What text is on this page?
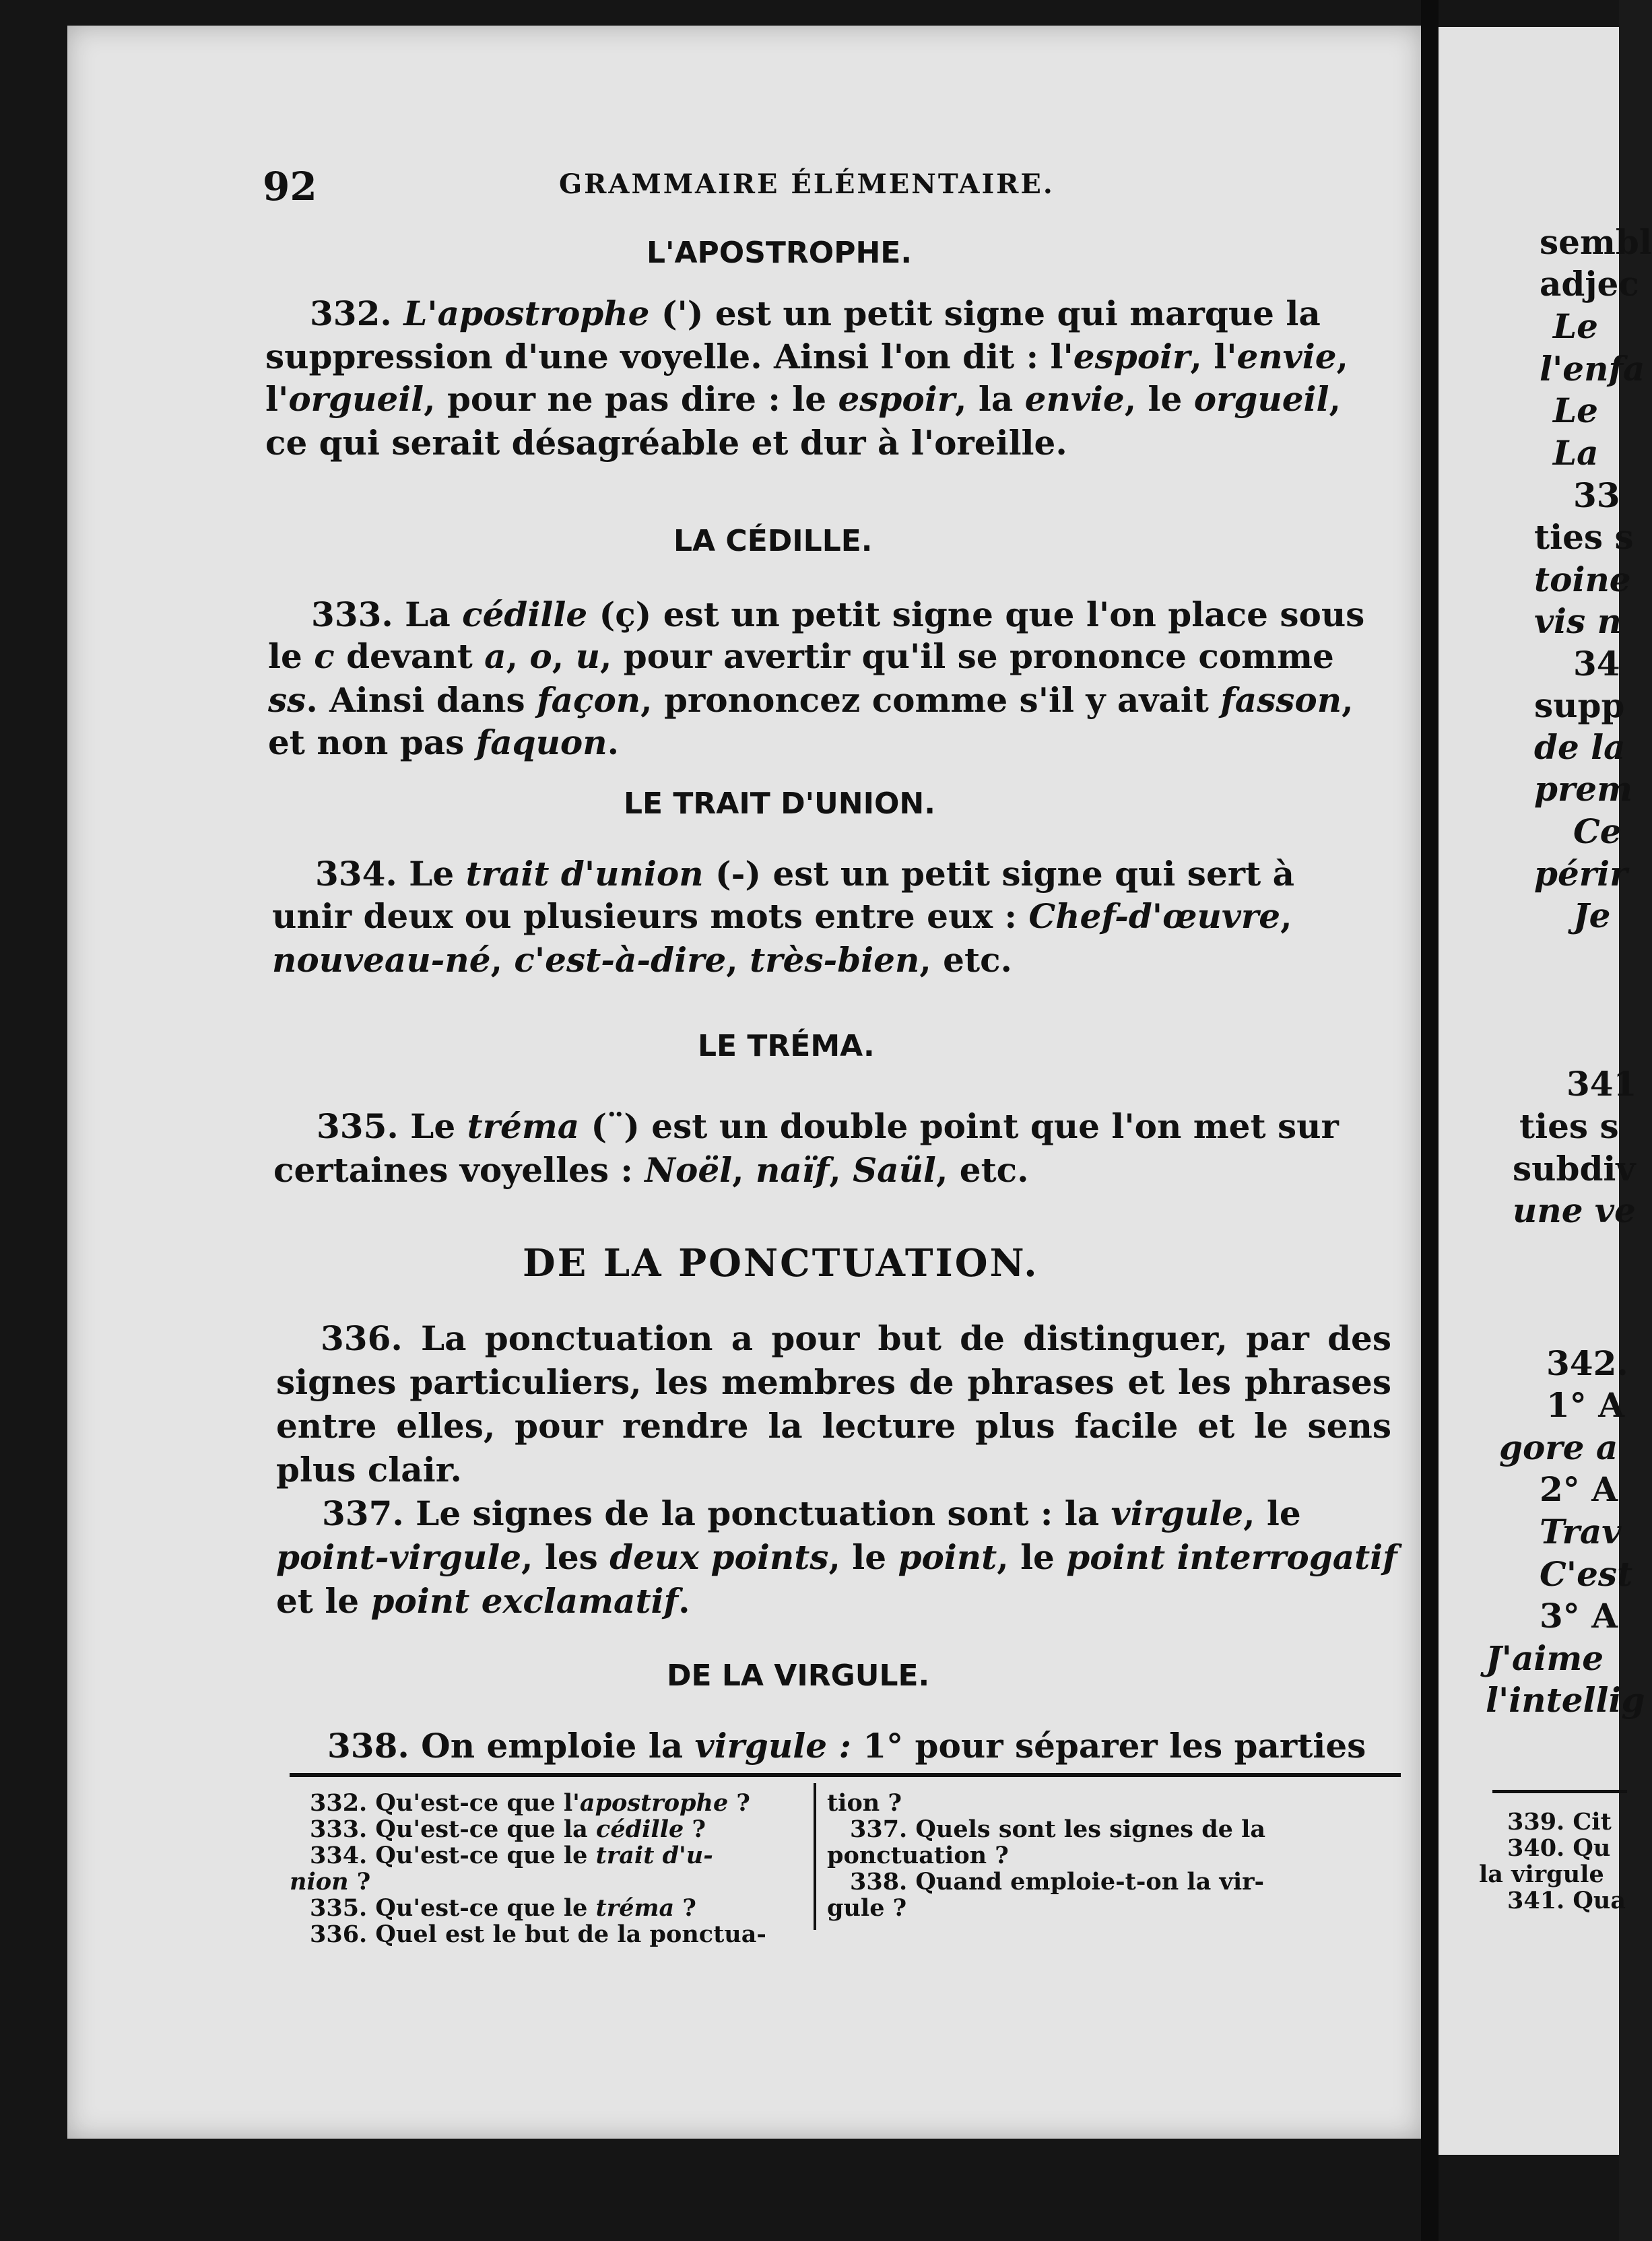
92	GRAMMAIRE ÉLÉMENTAIRE.
L'APOSTROPHE.
332. L'apostrophe (') est un petit signe qui marque la
suppression d'une voyelle. Ainsi l'on dit : l'espoir, l'envie,
l'orgueil, pour ne pas dire : le espoir, la envie, le orgueil,
ce qui serait désagréable et dur à l'oreille.
LA CÉDILLE.
333. La cédille (ç) est un petit signe que l'on place sous
le c devant a, o, u, pour avertir qu'il se prononce comme
ss. Ainsi dans façon, prononcez comme s'il y avait fasson,
et non pas faquon.
LE TRAIT D'UNION.
334. Le trait d'union (-) est un petit signe qui sert à
unir deux ou plusieurs mots entre eux : Chef-d'œuvre,
nouveau-né, c'est-à-dire, très-bien, etc.
LE TRÉMA.
335. Le tréma (¨) est un double point que l'on met sur
certaines voyelles : Noël, naïf, Saül, etc.
DE LA PONCTUATION.
336. La ponctuation a pour but de distinguer, par des
signes particuliers, les membres de phrases et les phrases
entre elles, pour rendre la lecture plus facile et le sens
plus clair.
337. Le signes de la ponctuation sont : la virgule, le
point-virgule, les deux points, le point, le point interrogatif
et le point exclamatif.
DE LA VIRGULE.
338. On emploie la virgule : 1° pour séparer les parties
332. Qu'est-ce que l'apostrophe ?
333. Qu'est-ce que la cédille ?
334. Qu'est-ce que le trait d'u-
nion ?
335. Qu'est-ce que le tréma ?
336. Quel est le but de la ponctua-
tion ?
337. Quels sont les signes de la
ponctuation ?
338. Quand emploie-t-on la vir-
gule ?
sembl
adjec
Le
l'enfa
Le
La
33
ties s
toine
vis n
34
supp
de la
prem
Ce
périr
Je
341
ties s
subdiv
une ve
342.
1° A
gore a
2° A
Trav
C'est
3° A
J'aime
l'intellig
339. Cit
340. Qu
la virgule
341. Qua
